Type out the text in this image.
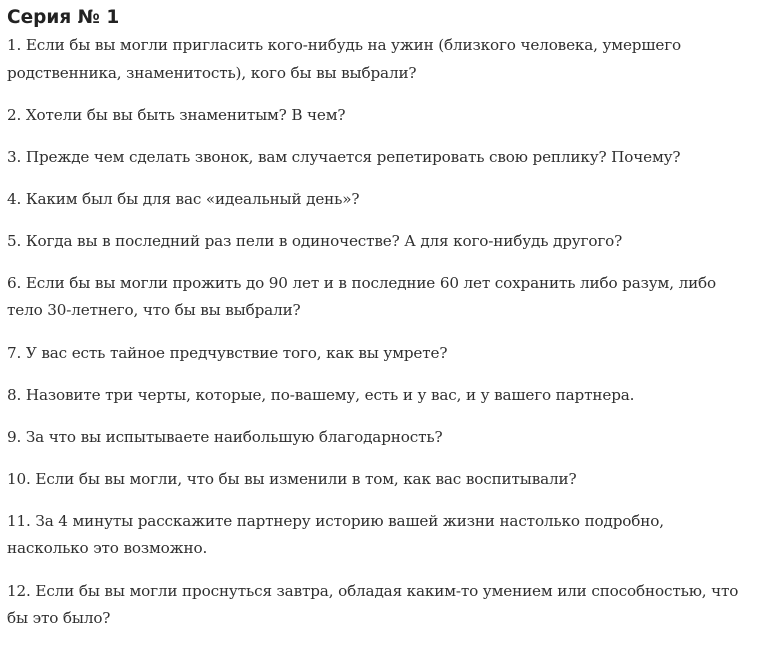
Серия № 1
1. Если бы вы могли пригласить кого-нибудь на ужин (близкого человека, умершего родственника, знаменитость), кого бы вы выбрали?
2. Хотели бы вы быть знаменитым? В чем?
3. Прежде чем сделать звонок, вам случается репетировать свою реплику? Почему?
4. Каким был бы для вас «идеальный день»?
5. Когда вы в последний раз пели в одиночестве? А для кого-нибудь другого?
6. Если бы вы могли прожить до 90 лет и в последние 60 лет сохранить либо разум, либо тело 30-летнего, что бы вы выбрали?
7. У вас есть тайное предчувствие того, как вы умрете?
8. Назовите три черты, которые, по-вашему, есть и у вас, и у вашего партнера.
9. За что вы испытываете наибольшую благодарность?
10. Если бы вы могли, что бы вы изменили в том, как вас воспитывали?
11. За 4 минуты расскажите партнеру историю вашей жизни настолько подробно, насколько это возможно.
12. Если бы вы могли проснуться завтра, обладая каким-то умением или способностью, что бы это было?
